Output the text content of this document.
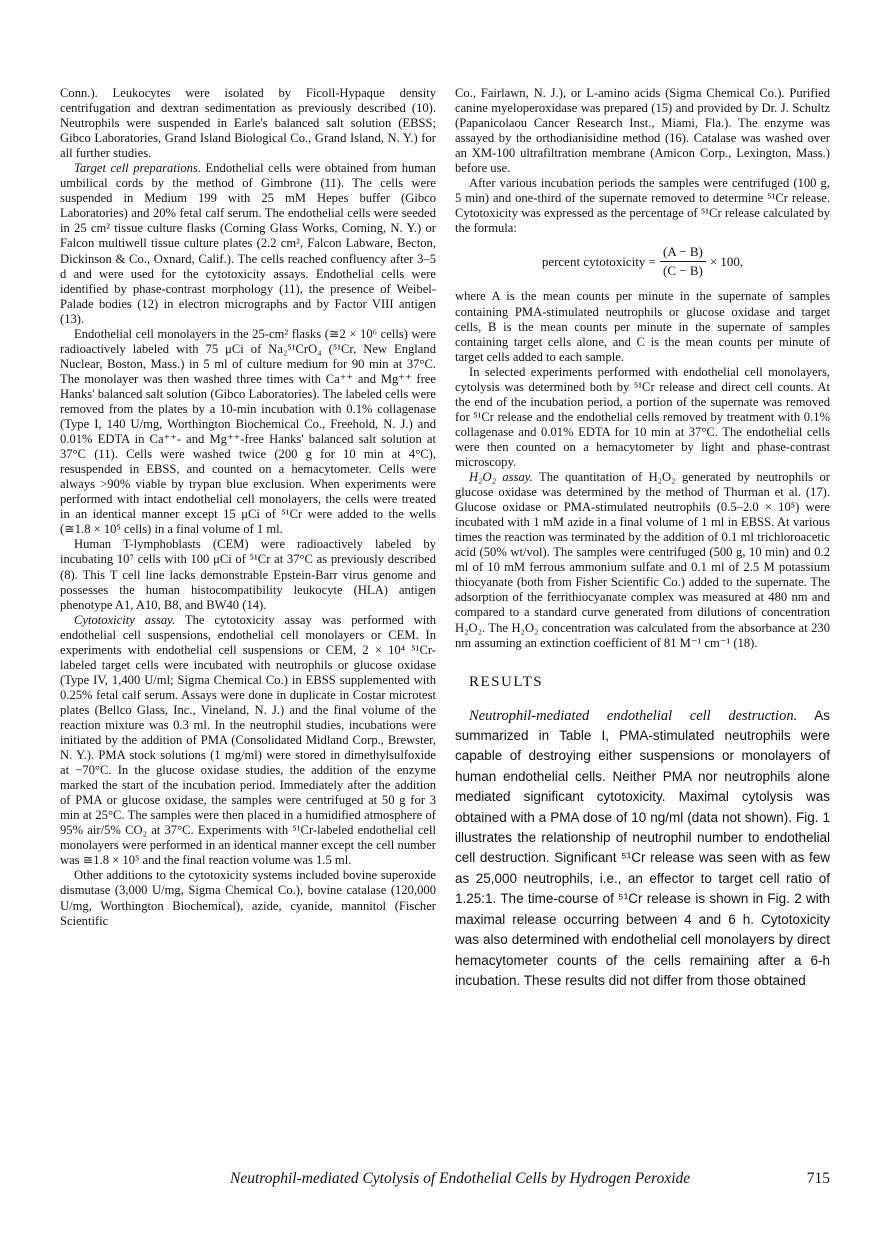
Conn.). Leukocytes were isolated by Ficoll-Hypaque density centrifugation and dextran sedimentation as previously described (10). Neutrophils were suspended in Earle's balanced salt solution (EBSS; Gibco Laboratories, Grand Island Biological Co., Grand Island, N. Y.) for all further studies.

Target cell preparations. Endothelial cells were obtained from human umbilical cords by the method of Gimbrone (11). The cells were suspended in Medium 199 with 25 mM Hepes buffer (Gibco Laboratories) and 20% fetal calf serum. The endothelial cells were seeded in 25 cm² tissue culture flasks (Corning Glass Works, Corning, N. Y.) or Falcon multiwell tissue culture plates (2.2 cm², Falcon Labware, Becton, Dickinson & Co., Oxnard, Calif.). The cells reached confluency after 3–5 d and were used for the cytotoxicity assays. Endothelial cells were identified by phase-contrast morphology (11), the presence of Weibel-Palade bodies (12) in electron micrographs and by Factor VIII antigen (13).

Endothelial cell monolayers in the 25-cm² flasks (≅2 × 10⁶ cells) were radioactively labeled with 75 μCi of Na₂⁵¹CrO₄ (⁵¹Cr, New England Nuclear, Boston, Mass.) in 5 ml of culture medium for 90 min at 37°C. The monolayer was then washed three times with Ca⁺⁺ and Mg⁺⁺ free Hanks' balanced salt solution (Gibco Laboratories). The labeled cells were removed from the plates by a 10-min incubation with 0.1% collagenase (Type I, 140 U/mg, Worthington Biochemical Co., Freehold, N. J.) and 0.01% EDTA in Ca⁺⁺- and Mg⁺⁺-free Hanks' balanced salt solution at 37°C (11). Cells were washed twice (200 g for 10 min at 4°C), resuspended in EBSS, and counted on a hemacytometer. Cells were always >90% viable by trypan blue exclusion. When experiments were performed with intact endothelial cell monolayers, the cells were treated in an identical manner except 15 μCi of ⁵¹Cr were added to the wells (≅1.8 × 10⁵ cells) in a final volume of 1 ml.

Human T-lymphoblasts (CEM) were radioactively labeled by incubating 10⁷ cells with 100 μCi of ⁵¹Cr at 37°C as previously described (8). This T cell line lacks demonstrable Epstein-Barr virus genome and possesses the human histocompatibility leukocyte (HLA) antigen phenotype A1, A10, B8, and BW40 (14).

Cytotoxicity assay. The cytotoxicity assay was performed with endothelial cell suspensions, endothelial cell monolayers or CEM. In experiments with endothelial cell suspensions or CEM, 2 × 10⁴ ⁵¹Cr-labeled target cells were incubated with neutrophils or glucose oxidase (Type IV, 1,400 U/ml; Sigma Chemical Co.) in EBSS supplemented with 0.25% fetal calf serum. Assays were done in duplicate in Costar microtest plates (Bellco Glass, Inc., Vineland, N. J.) and the final volume of the reaction mixture was 0.3 ml. In the neutrophil studies, incubations were initiated by the addition of PMA (Consolidated Midland Corp., Brewster, N. Y.). PMA stock solutions (1 mg/ml) were stored in dimethylsulfoxide at −70°C. In the glucose oxidase studies, the addition of the enzyme marked the start of the incubation period. Immediately after the addition of PMA or glucose oxidase, the samples were centrifuged at 50 g for 3 min at 25°C. The samples were then placed in a humidified atmosphere of 95% air/5% CO₂ at 37°C. Experiments with ⁵¹Cr-labeled endothelial cell monolayers were performed in an identical manner except the cell number was ≅1.8 × 10⁵ and the final reaction volume was 1.5 ml.

Other additions to the cytotoxicity systems included bovine superoxide dismutase (3,000 U/mg, Sigma Chemical Co.), bovine catalase (120,000 U/mg, Worthington Biochemical), azide, cyanide, mannitol (Fischer Scientific

Co., Fairlawn, N. J.), or L-amino acids (Sigma Chemical Co.). Purified canine myeloperoxidase was prepared (15) and provided by Dr. J. Schultz (Papanicolaou Cancer Research Inst., Miami, Fla.). The enzyme was assayed by the orthodianisidine method (16). Catalase was washed over an XM-100 ultrafiltration membrane (Amicon Corp., Lexington, Mass.) before use.

After various incubation periods the samples were centrifuged (100 g, 5 min) and one-third of the supernate removed to determine ⁵¹Cr release. Cytotoxicity was expressed as the percentage of ⁵¹Cr release calculated by the formula:

percent cytotoxicity = $\frac{(A - B)}{(C - B)} \times 100$,

where A is the mean counts per minute in the supernate of samples containing PMA-stimulated neutrophils or glucose oxidase and target cells, B is the mean counts per minute in the supernate of samples containing target cells alone, and C is the mean counts per minute of target cells added to each sample.

In selected experiments performed with endothelial cell monolayers, cytolysis was determined both by ⁵¹Cr release and direct cell counts. At the end of the incubation period, a portion of the supernate was removed for ⁵¹Cr release and the endothelial cells removed by treatment with 0.1% collagenase and 0.01% EDTA for 10 min at 37°C. The endothelial cells were then counted on a hemacytometer by light and phase-contrast microscopy.

H₂O₂ assay. The quantitation of H₂O₂ generated by neutrophils or glucose oxidase was determined by the method of Thurman et al. (17). Glucose oxidase or PMA-stimulated neutrophils (0.5–2.0 × 10⁵) were incubated with 1 mM azide in a final volume of 1 ml in EBSS. At various times the reaction was terminated by the addition of 0.1 ml trichloroacetic acid (50% wt/vol). The samples were centrifuged (500 g, 10 min) and 0.2 ml of 10 mM ferrous ammonium sulfate and 0.1 ml of 2.5 M potassium thiocyanate (both from Fisher Scientific Co.) added to the supernate. The adsorption of the ferrithiocyanate complex was measured at 480 nm and compared to a standard curve generated from dilutions of concentration H₂O₂. The H₂O₂ concentration was calculated from the absorbance at 230 nm assuming an extinction coefficient of 81 M⁻¹ cm⁻¹ (18).

RESULTS

Neutrophil-mediated endothelial cell destruction. As summarized in Table I, PMA-stimulated neutrophils were capable of destroying either suspensions or monolayers of human endothelial cells. Neither PMA nor neutrophils alone mediated significant cytotoxicity. Maximal cytolysis was obtained with a PMA dose of 10 ng/ml (data not shown). Fig. 1 illustrates the relationship of neutrophil number to endothelial cell destruction. Significant ⁵¹Cr release was seen with as few as 25,000 neutrophils, i.e., an effector to target cell ratio of 1.25:1. The time-course of ⁵¹Cr release is shown in Fig. 2 with maximal release occurring between 4 and 6 h. Cytotoxicity was also determined with endothelial cell monolayers by direct hemacytometer counts of the cells remaining after a 6-h incubation. These results did not differ from those obtained

Neutrophil-mediated Cytolysis of Endothelial Cells by Hydrogen Peroxide	715
